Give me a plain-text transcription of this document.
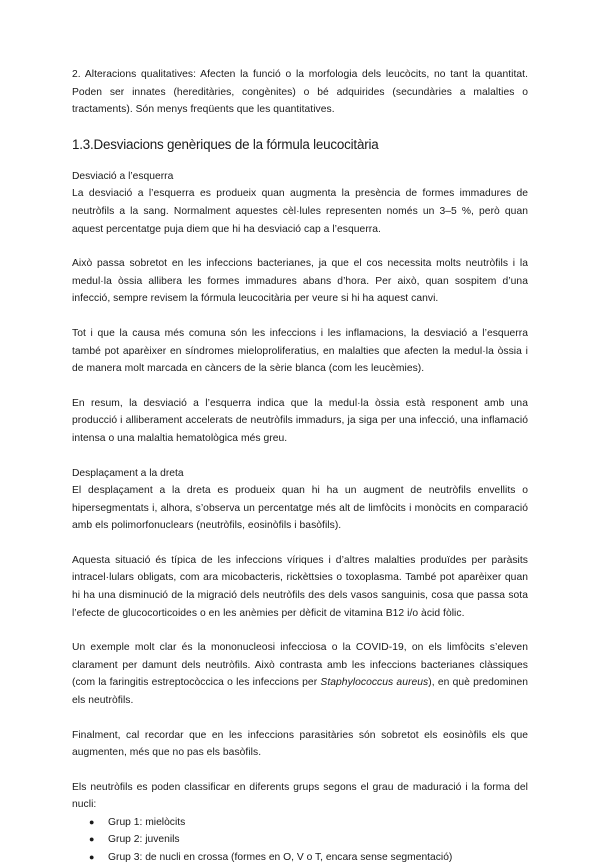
2. Alteracions qualitatives: Afecten la funció o la morfologia dels leucòcits, no tant la quantitat. Poden ser innates (hereditàries, congènites) o bé adquirides (secundàries a malalties o tractaments). Són menys freqüents que les quantitatives.

1.3.Desviacions genèriques de la fórmula leucocitària
Desviació a l’esquerra

La desviació a l’esquerra es produeix quan augmenta la presència de formes immadures de neutròfils a la sang. Normalment aquestes cèl·lules representen només un 3–5 %, però quan aquest percentatge puja diem que hi ha desviació cap a l’esquerra.

Això passa sobretot en les infeccions bacterianes, ja que el cos necessita molts neutròfils i la medul·la òssia allibera les formes immadures abans d’hora. Per això, quan sospitem d’una infecció, sempre revisem la fórmula leucocitària per veure si hi ha aquest canvi.

Tot i que la causa més comuna són les infeccions i les inflamacions, la desviació a l’esquerra també pot aparèixer en síndromes mieloproliferatius, en malalties que afecten la medul·la òssia i de manera molt marcada en càncers de la sèrie blanca (com les leucèmies).

En resum, la desviació a l’esquerra indica que la medul·la òssia està responent amb una producció i alliberament accelerats de neutròfils immadurs, ja siga per una infecció, una inflamació intensa o una malaltia hematològica més greu.

Desplaçament a la dreta

El desplaçament a la dreta es produeix quan hi ha un augment de neutròfils envellits o hipersegmentats i, alhora, s’observa un percentatge més alt de limfòcits i monòcits en comparació amb els polimorfonuclears (neutròfils, eosinòfils i basòfils).

Aquesta situació és típica de les infeccions víriques i d’altres malalties produïdes per paràsits intracel·lulars obligats, com ara micobacteris, rickèttsies o toxoplasma. També pot aparèixer quan hi ha una disminució de la migració dels neutròfils des dels vasos sanguinis, cosa que passa sota l’efecte de glucocorticoides o en les anèmies per dèficit de vitamina B12 i/o àcid fòlic.

Un exemple molt clar és la mononucleosi infecciosa o la COVID-19, on els limfòcits s’eleven clarament per damunt dels neutròfils. Això contrasta amb les infeccions bacterianes clàssiques (com la faringitis estreptocòccica o les infeccions per Staphylococcus aureus), en què predominen els neutròfils.

Finalment, cal recordar que en les infeccions parasitàries són sobretot els eosinòfils els que augmenten, més que no pas els basòfils.

Els neutròfils es poden classificar en diferents grups segons el grau de maduració i la forma del nucli:

● Grup 1: mielòcits
● Grup 2: juvenils
● Grup 3: de nucli en crossa (formes en O, V o T, encara sense segmentació)
